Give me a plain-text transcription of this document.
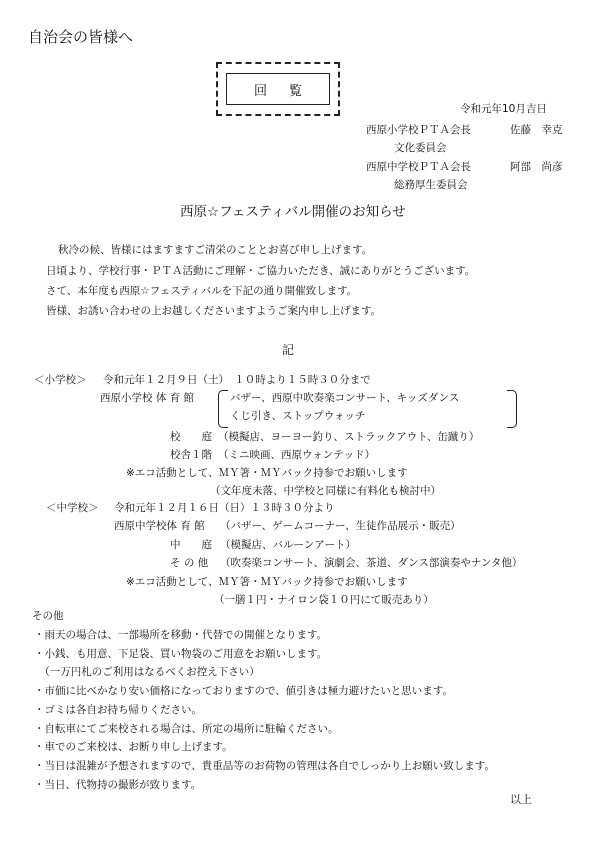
自治会の皆様へ
回覧
令和元年10月吉日
西原小学校ＰＴＡ会長	佐藤　幸克
文化委員会
西原中学校ＰＴＡ会長	阿部　尚彦
総務厚生委員会
西原☆フェスティバル開催のお知らせ
秋冷の候、皆様にはますますご清栄のこととお喜び申し上げます。
日頃より、学校行事・ＰＴＡ活動にご理解・ご協力いただき、誠にありがとうございます。
さて、本年度も西原☆フェスティバルを下記の通り開催致します。
皆様、お誘い合わせの上お越しくださいますようご案内申し上げます。
記
＜小学校＞ 令和元年１２月９日（土）　１０時より１５時３０分まで
西原小学校 体 育 館	バザー、西原中吹奏楽コンサート、キッズダンス
くじ引き、ストップウォッチ
校　　庭 （模擬店、ヨーヨー釣り、ストラックアウト、缶蹴り）
校舎１階 （ミニ映画、西原ウォンテッド）
※エコ活動として、ＭＹ箸・ＭＹバック持参でお願いします
（文年度未落、中学校と同様に有料化も検討中）
＜中学校＞ 令和元年１２月１６日（日）１３時３０分より
西原中学校体 育 館 （バザー、ゲームコーナー、生徒作品展示・販売）
中　　庭 （模擬店、バルーンアート）
そ の 他 （吹奏楽コンサート、演劇会、茶道、ダンス部演奏やナンタ他）
※エコ活動として、ＭＹ箸・ＭＹバック持参でお願いします
（一膳１円・ナイロン袋１０円にて販売あり）
その他
・雨天の場合は、一部場所を移動・代替での開催となります。
・小銭、も用意、下足袋、買い物袋のご用意をお願いします。
　（一万円札のご利用はなるべくお控え下さい）
・市価に比べかなり安い価格になっておりますので、値引きは極力避けたいと思います。
・ゴミは各自お持ち帰りください。
・自転車にてご来校される場合は、所定の場所に駐輪ください。
・車でのご来校は、お断り申し上げます。
・当日は混雑が予想されますので、貴重品等のお荷物の管理は各自でしっかり上お願い致します。
・当日、代物持の撮影が致ります。
以上
